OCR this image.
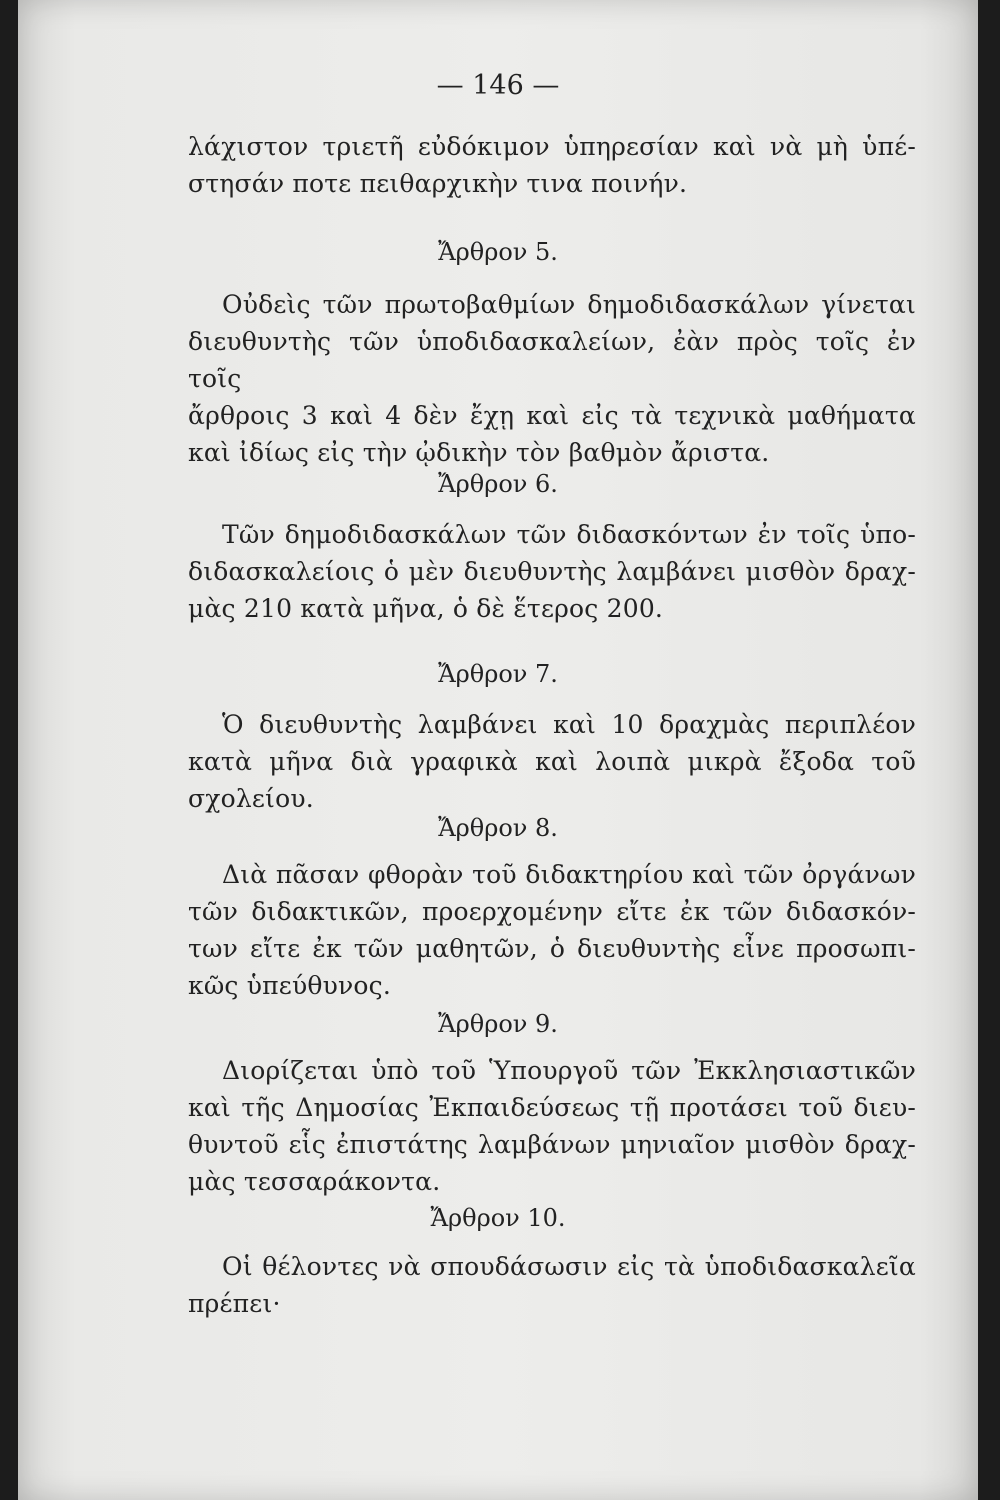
— 146 —
λάχιστον τριετῆ εὐδόκιμον ὑπηρεσίαν καὶ νὰ μὴ ὑπέ-
στησάν ποτε πειθαρχικὴν τινα ποινήν.
Ἄρθρον 5.
Οὐδεὶς τῶν πρωτοβαθμίων δημοδιδασκάλων γίνεται
διευθυντὴς τῶν ὑποδιδασκαλείων, ἐὰν πρὸς τοῖς ἐν τοῖς
ἄρθροις 3 καὶ 4 δὲν ἔχῃ καὶ εἰς τὰ τεχνικὰ μαθήματα
καὶ ἰδίως εἰς τὴν ᾠδικὴν τὸν βαθμὸν ἄριστα.
Ἄρθρον 6.
Τῶν δημοδιδασκάλων τῶν διδασκόντων ἐν τοῖς ὑπο-
διδασκαλείοις ὁ μὲν διευθυντὴς λαμβάνει μισθὸν δραχ-
μὰς 210 κατὰ μῆνα, ὁ δὲ ἕτερος 200.
Ἄρθρον 7.
Ὁ διευθυντὴς λαμβάνει καὶ 10 δραχμὰς περιπλέον
κατὰ μῆνα διὰ γραφικὰ καὶ λοιπὰ μικρὰ ἔξοδα τοῦ
σχολείου.
Ἄρθρον 8.
Διὰ πᾶσαν φθορὰν τοῦ διδακτηρίου καὶ τῶν ὀργάνων
τῶν διδακτικῶν, προερχομένην εἴτε ἐκ τῶν διδασκόν-
των εἴτε ἐκ τῶν μαθητῶν, ὁ διευθυντὴς εἶνε προσωπι-
κῶς ὑπεύθυνος.
Ἄρθρον 9.
Διορίζεται ὑπὸ τοῦ Ὑπουργοῦ τῶν Ἐκκλησιαστικῶν
καὶ τῆς Δημοσίας Ἐκπαιδεύσεως τῇ προτάσει τοῦ διευ-
θυντοῦ εἷς ἐπιστάτης λαμβάνων μηνιαῖον μισθὸν δραχ-
μὰς τεσσαράκοντα.
Ἄρθρον 10.
Οἱ θέλοντες νὰ σπουδάσωσιν εἰς τὰ ὑποδιδασκαλεῖα
πρέπει·
